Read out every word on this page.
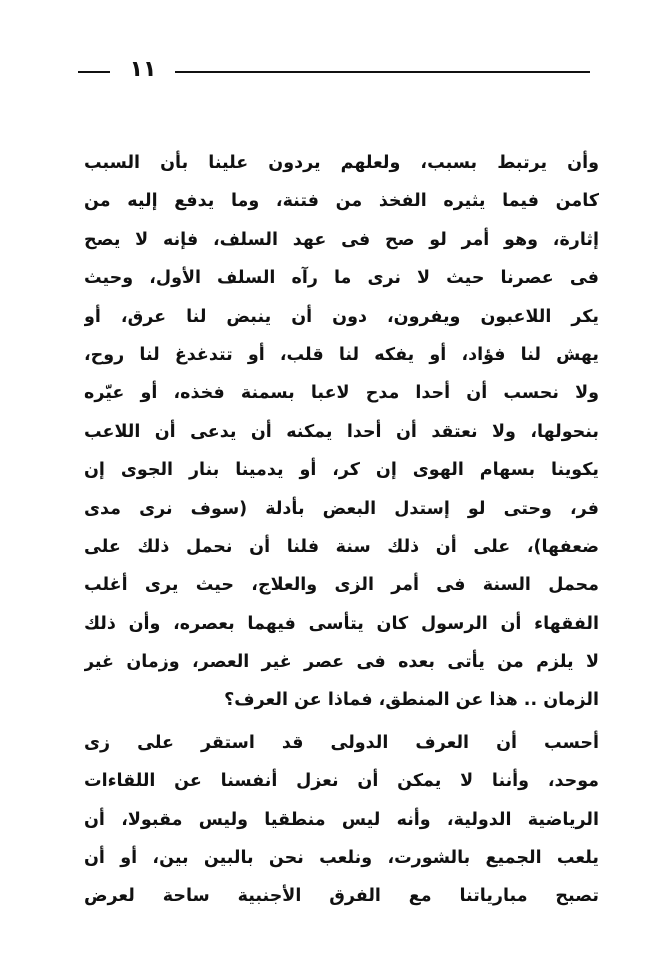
١١
وأن يرتبط بسبب، ولعلهم يردون علينا بأن السبب
كامن فيما يثيره الفخذ من فتنة، وما يدفع إليه من
إثارة، وهو أمر لو صح فى عهد السلف، فإنه لا يصح
فى عصرنا حيث لا نرى ما رآه السلف الأول، وحيث
يكر اللاعبون ويفرون، دون أن ينبض لنا عرق، أو
يهش لنا فؤاد، أو يفكه لنا قلب، أو تتدغدغ لنا روح،
ولا نحسب أن أحدا مدح لاعبا بسمنة فخذه، أو عيّره
بنحولها، ولا نعتقد أن أحدا يمكنه أن يدعى أن اللاعب
يكوينا بسهام الهوى إن كر، أو يدمينا بنار الجوى إن
فر، وحتى لو إستدل البعض بأدلة (سوف نرى مدى
ضعفها)، على أن ذلك سنة فلنا أن نحمل ذلك على
محمل السنة فى أمر الزى والعلاج، حيث يرى أغلب
الفقهاء أن الرسول كان يتأسى فيهما بعصره، وأن ذلك
لا يلزم من يأتى بعده فى عصر غير العصر، وزمان غير
الزمان .. هذا عن المنطق، فماذا عن العرف؟
أحسب أن العرف الدولى قد استقر على زى
موحد، وأننا لا يمكن أن نعزل أنفسنا عن اللقاءات
الرياضية الدولية، وأنه ليس منطقيا وليس مقبولا، أن
يلعب الجميع بالشورت، ونلعب نحن بالبين بين، أو أن
تصبح مبارياتنا مع الفرق الأجنبية ساحة لعرض
